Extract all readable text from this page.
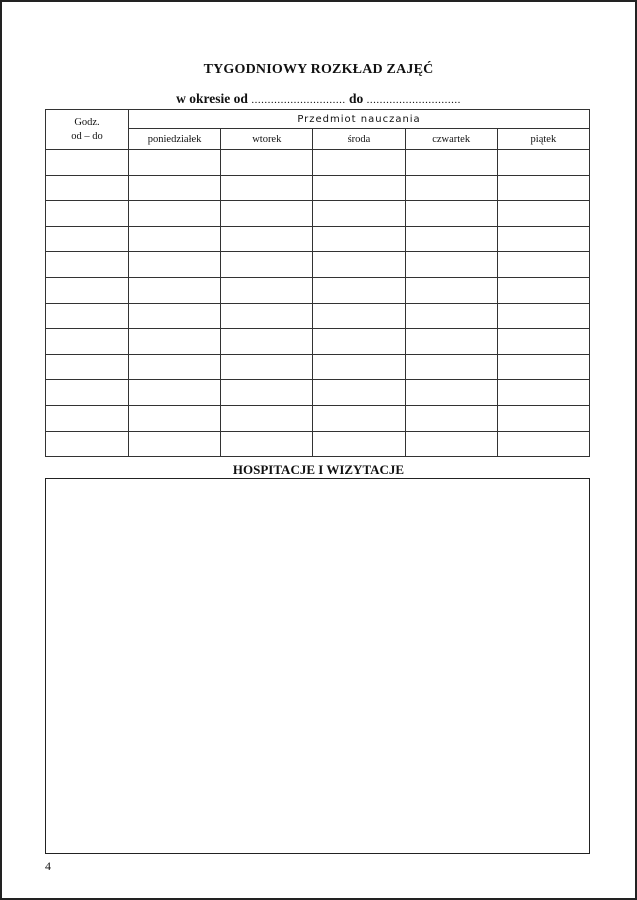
TYGODNIOWY ROZKŁAD ZAJĘĆ
w okresie od ............................. do .............................
Godz.
od – do	Przedmiot nauczania				
	poniedziałek	wtorek	środa	czwartek	piątek

HOSPITACJE I WIZYTACJE
4
